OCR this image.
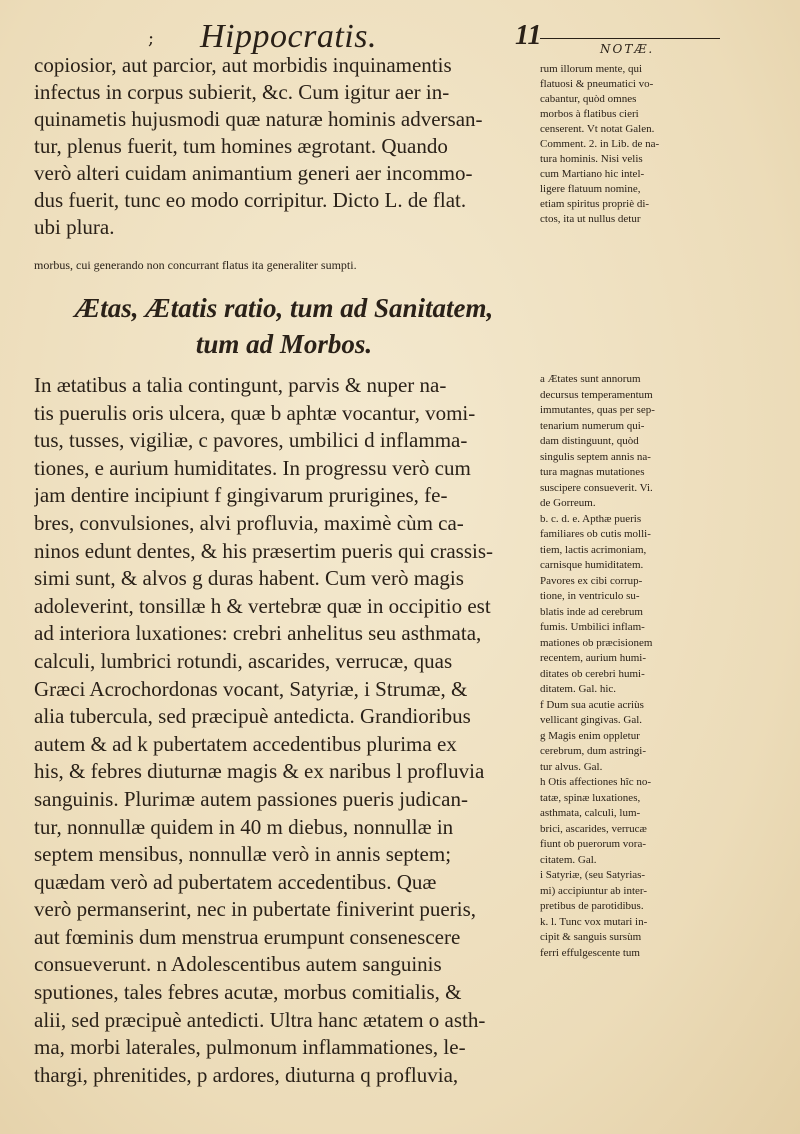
; Hippocratis.	11	NOTÆ.
copiosior, aut parcior, aut morbidis inquinamentis
infectus in corpus subierit, &c. Cum igitur aer in-
quinametis hujusmodi quæ naturæ hominis adversan-
tur, plenus fuerit, tum homines ægrotant. Quando
verò alteri cuidam animantium generi aer incommo-
dus fuerit, tunc eo modo corripitur. Dicto L. de flat.
ubi plura.
rum illorum mente, qui
flatuosi & pneumatici vo-
cabantur, quòd omnes
morbos à flatibus cieri
censerent. Vt notat Galen.
Comment. 2. in Lib. de na-
tura hominis. Nisi velis
cum Martiano hic intel-
ligere flatuum nomine,
etiam spiritus propriè di-
ctos, ita ut nullus detur
morbus, cui generando non concurrant flatus ita generaliter sumpti.
Ætas, Ætatis ratio, tum ad Sanitatem,
tum ad Morbos.
In ætatibus a talia contingunt, parvis & nuper na-
tis puerulis oris ulcera, quæ b aphtæ vocantur, vomi-
tus, tusses, vigiliæ, c pavores, umbilici d inflamma-
tiones, e aurium humiditates. In progressu verò cum
jam dentire incipiunt f gingivarum prurigines, fe-
bres, convulsiones, alvi profluvia, maximè cùm ca-
ninos edunt dentes, & his præsertim pueris qui crassis-
simi sunt, & alvos g duras habent. Cum verò magis
adoleverint, tonsillæ h & vertebræ quæ in occipitio est
ad interiora luxationes: crebri anhelitus seu asthmata,
calculi, lumbrici rotundi, ascarides, verrucæ, quas
Græci Acrochordonas vocant, Satyriæ, i Strumæ, &
alia tubercula, sed præcipuè antedicta. Grandioribus
autem & ad k pubertatem accedentibus plurima ex
his, & febres diuturnæ magis & ex naribus l profluvia
sanguinis. Plurimæ autem passiones pueris judican-
tur, nonnullæ quidem in 40 m diebus, nonnullæ in
septem mensibus, nonnullæ verò in annis septem;
quædam verò ad pubertatem accedentibus. Quæ
verò permanserint, nec in pubertate finiverint pueris,
aut fœminis dum menstrua erumpunt consenescere
consueverunt. n Adolescentibus autem sanguinis
sputiones, tales febres acutæ, morbus comitialis, &
alii, sed præcipuè antedicti. Ultra hanc ætatem o asth-
ma, morbi laterales, pulmonum inflammationes, le-
thargi, phrenitides, p ardores, diuturna q profluvia,
a Ætates sunt annorum
decursus temperamentum
immutantes, quas per sep-
tenarium numerum qui-
dam distinguunt, quòd
singulis septem annis na-
tura magnas mutationes
suscipere consueverit. Vi.
de Gorreum.
b. c. d. e. Apthæ pueris
familiares ob cutis molli-
tiem, lactis acrimoniam,
carnisque humiditatem.
Pavores ex cibi corrup-
tione, in ventriculo su-
blatis inde ad cerebrum
fumis. Umbilici inflam-
mationes ob præcisionem
recentem, aurium humi-
ditates ob cerebri humi-
ditatem. Gal. hic.
f Dum sua acutie acriùs
vellicant gingivas. Gal.
g Magis enim oppletur
cerebrum, dum astringi-
tur alvus. Gal.
h Otis affectiones hîc no-
tatæ, spinæ luxationes,
asthmata, calculi, lum-
brici, ascarides, verrucæ
fiunt ob puerorum vora-
citatem. Gal.
i Satyriæ, (seu Satyrias-
mi) accipiuntur ab inter-
pretibus de parotidibus.
k. l. Tunc vox mutari in-
cipit & sanguis sursùm
ferri effulgescente tum
